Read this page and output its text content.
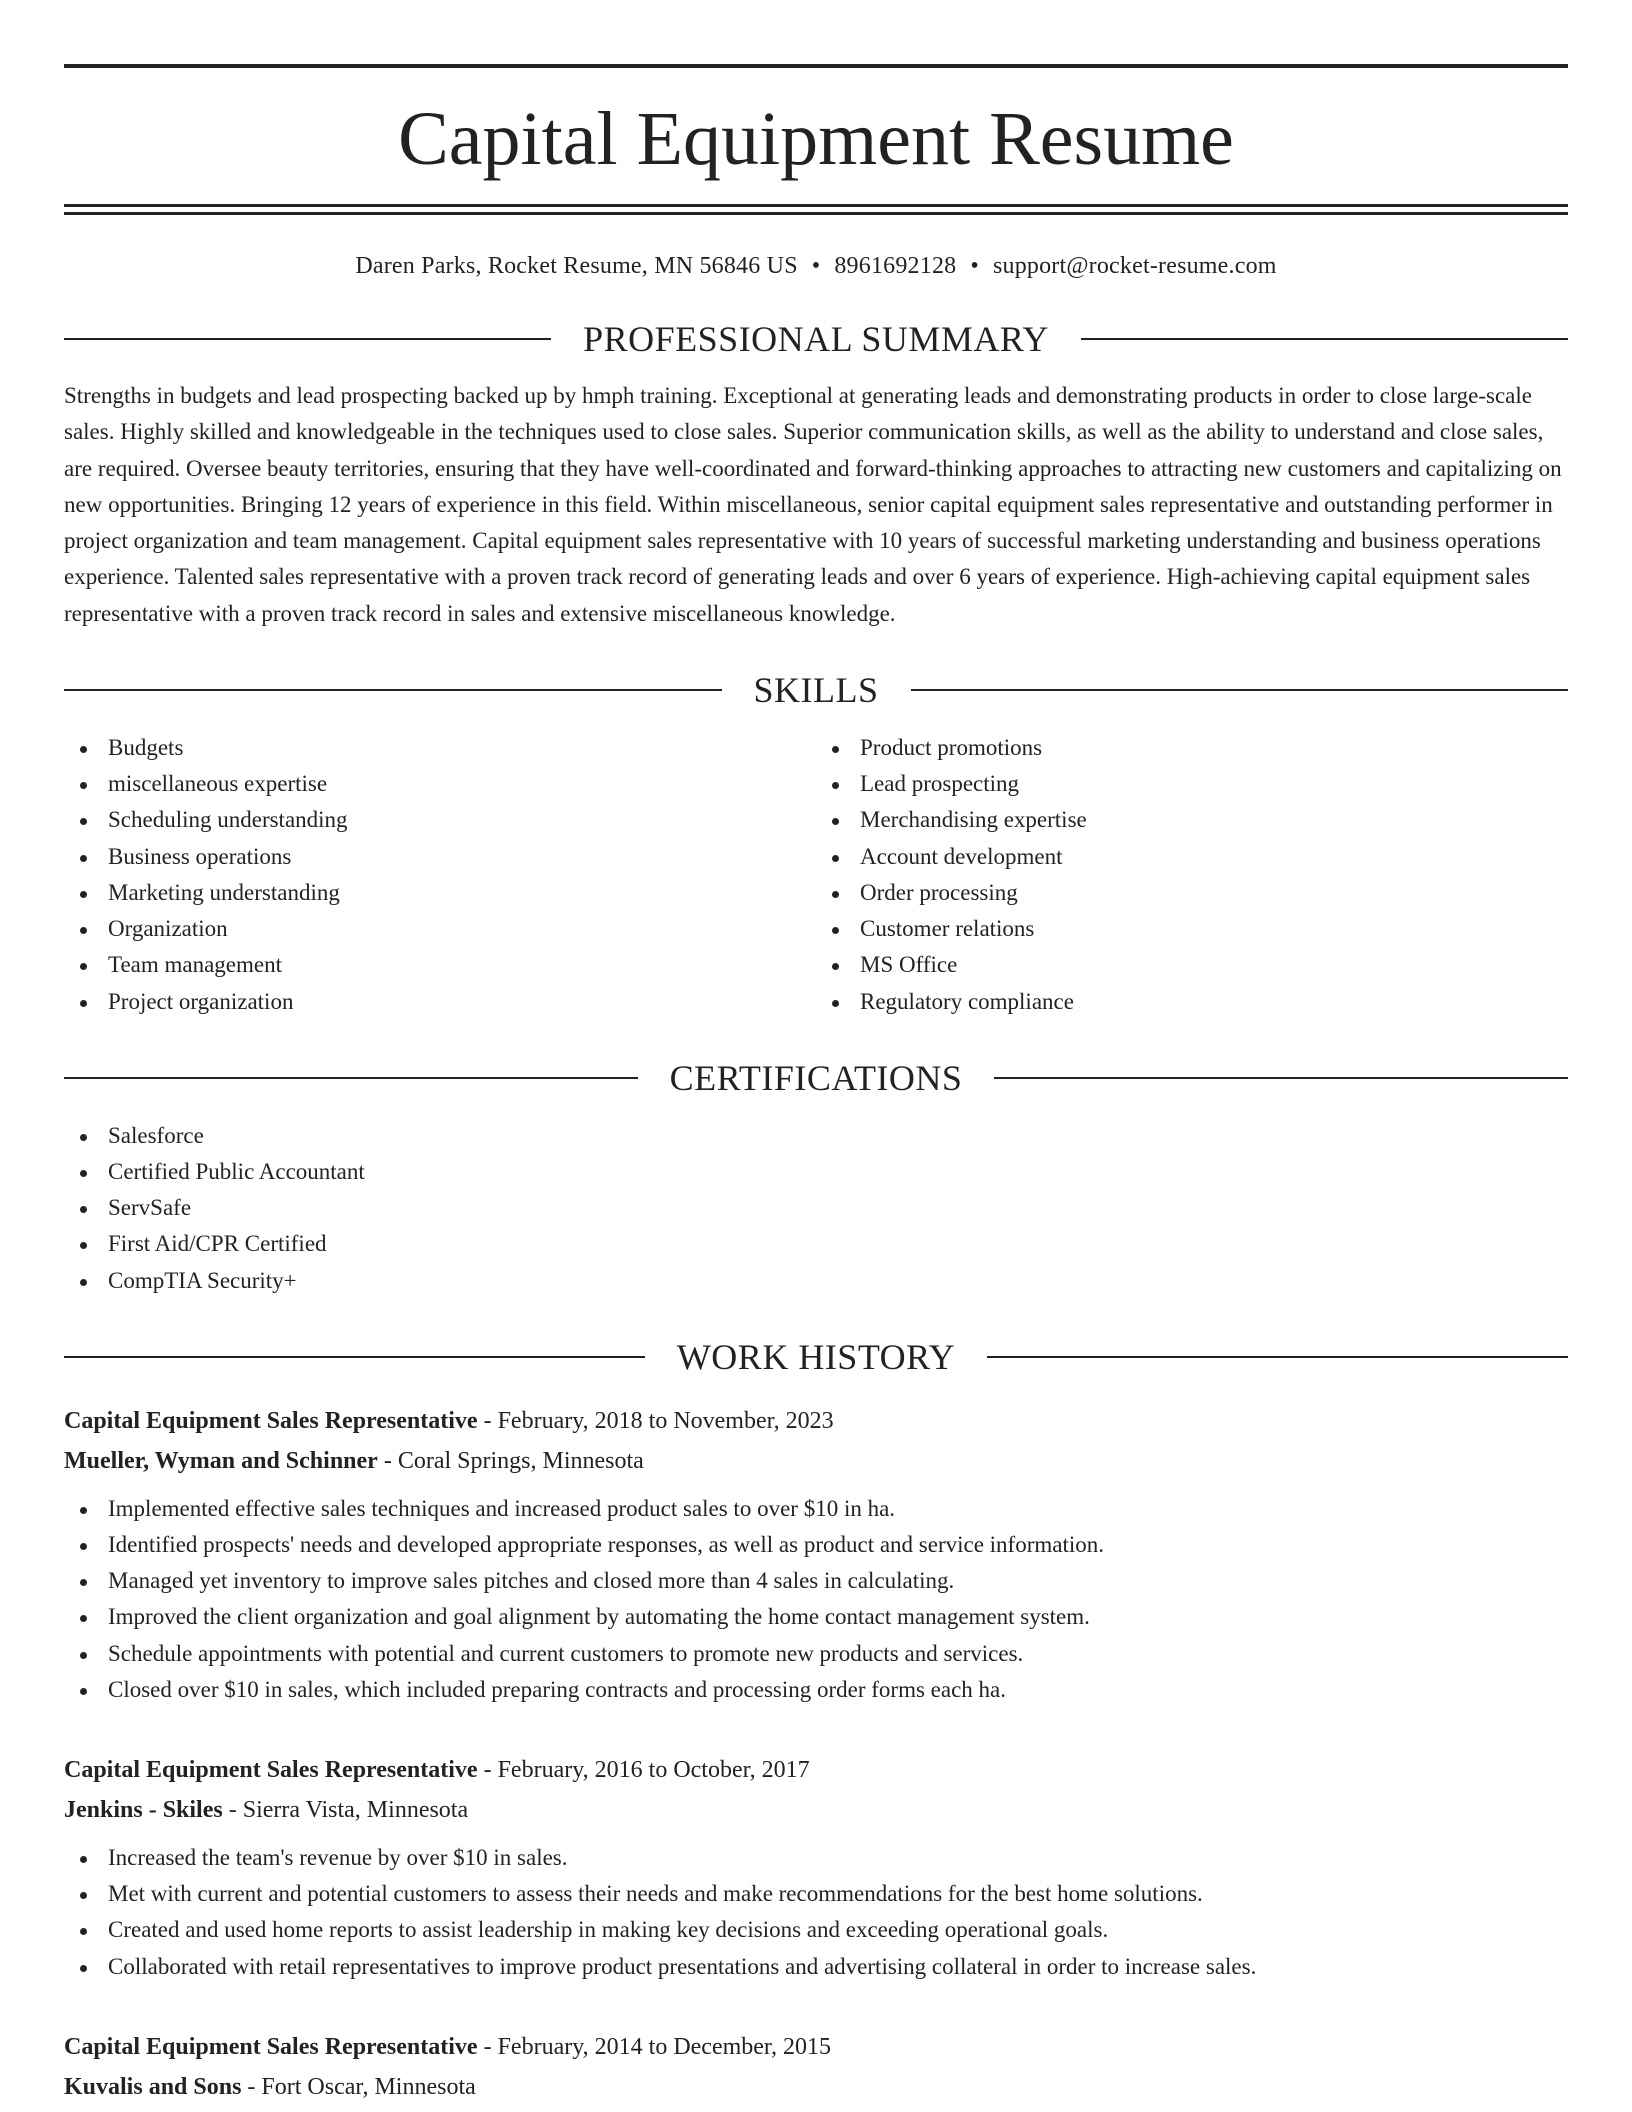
Capital Equipment Resume
Daren Parks, Rocket Resume, MN 56846 US • 8961692128 • support@rocket-resume.com
PROFESSIONAL SUMMARY

Strengths in budgets and lead prospecting backed up by hmph training. Exceptional at generating leads and demonstrating products in order to close large-scale sales. Highly skilled and knowledgeable in the techniques used to close sales. Superior communication skills, as well as the ability to understand and close sales, are required. Oversee beauty territories, ensuring that they have well-coordinated and forward-thinking approaches to attracting new customers and capitalizing on new opportunities. Bringing 12 years of experience in this field. Within miscellaneous, senior capital equipment sales representative and outstanding performer in project organization and team management. Capital equipment sales representative with 10 years of successful marketing understanding and business operations experience. Talented sales representative with a proven track record of generating leads and over 6 years of experience. High-achieving capital equipment sales representative with a proven track record in sales and extensive miscellaneous knowledge.

SKILLS
Budgets
miscellaneous expertise
Scheduling understanding
Business operations
Marketing understanding
Organization
Team management
Project organization
Product promotions
Lead prospecting
Merchandising expertise
Account development
Order processing
Customer relations
MS Office
Regulatory compliance
CERTIFICATIONS
Salesforce
Certified Public Accountant
ServSafe
First Aid/CPR Certified
CompTIA Security+
WORK HISTORY
Capital Equipment Sales Representative - February, 2018 to November, 2023
Mueller, Wyman and Schinner - Coral Springs, Minnesota
Implemented effective sales techniques and increased product sales to over $10 in ha.
Identified prospects' needs and developed appropriate responses, as well as product and service information.
Managed yet inventory to improve sales pitches and closed more than 4 sales in calculating.
Improved the client organization and goal alignment by automating the home contact management system.
Schedule appointments with potential and current customers to promote new products and services.
Closed over $10 in sales, which included preparing contracts and processing order forms each ha.
Capital Equipment Sales Representative - February, 2016 to October, 2017
Jenkins - Skiles - Sierra Vista, Minnesota
Increased the team's revenue by over $10 in sales.
Met with current and potential customers to assess their needs and make recommendations for the best home solutions.
Created and used home reports to assist leadership in making key decisions and exceeding operational goals.
Collaborated with retail representatives to improve product presentations and advertising collateral in order to increase sales.
Capital Equipment Sales Representative - February, 2014 to December, 2015
Kuvalis and Sons - Fort Oscar, Minnesota
